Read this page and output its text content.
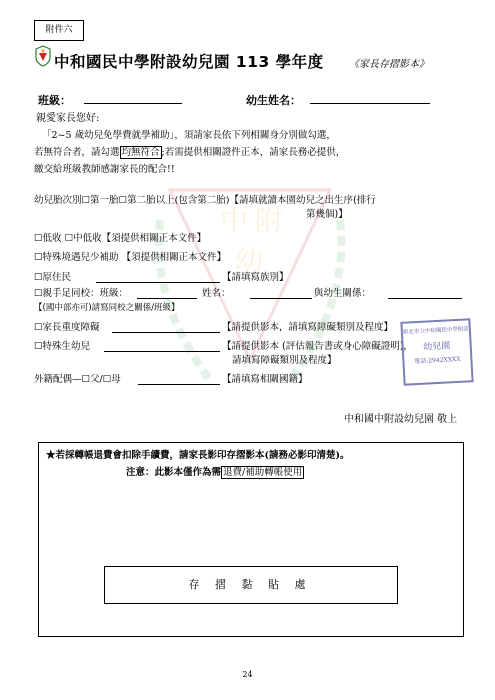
附件六
中和國民中學附設幼兒園 113 學年度	《家長存摺影本》
中 附
幼
班級：	幼生姓名：
親愛家長您好:
「2~5 歲幼兒免學費就學補助」，須請家長依下列相關身分別做勾選，
若無符合者，請勾選 均無符合 ;若需提供相關證件正本，請家長務必提供，
繳交給班級教師感謝家長的配合!!
幼兒胎次別☐第一胎☐第二胎以上(包含第二胎)【請填就讀本園幼兒之出生序(排行
第幾個)】
☐低收 ☐中低收【須提供相關正本文件】
☐特殊境遇兒少補助 【須提供相關正本文件】
☐原住民	【請填寫族別】
☐親手足同校：班級：	姓名：	與幼生關係：
【(國中部亦可)請寫同校之關係/班級】
☐家長重度障礙	【請提供影本，請填寫障礙類別及程度】
☐特殊生幼兒	【請提供影本 (評估報告書或身心障礙證明)，
請填寫障礙類別及程度】
外籍配偶—☐父/☐母	【請填寫相關國籍】
新北市立中和國民中學附設
幼兒園
電話:2942XXXX
中和國中附設幼兒園 敬上
★若採轉帳退費會扣除手續費，請家長影印存摺影本(請務必影印清楚)。
注意：此影本僅作為需 退費/補助轉帳使用
存 摺 黏 貼 處
24
